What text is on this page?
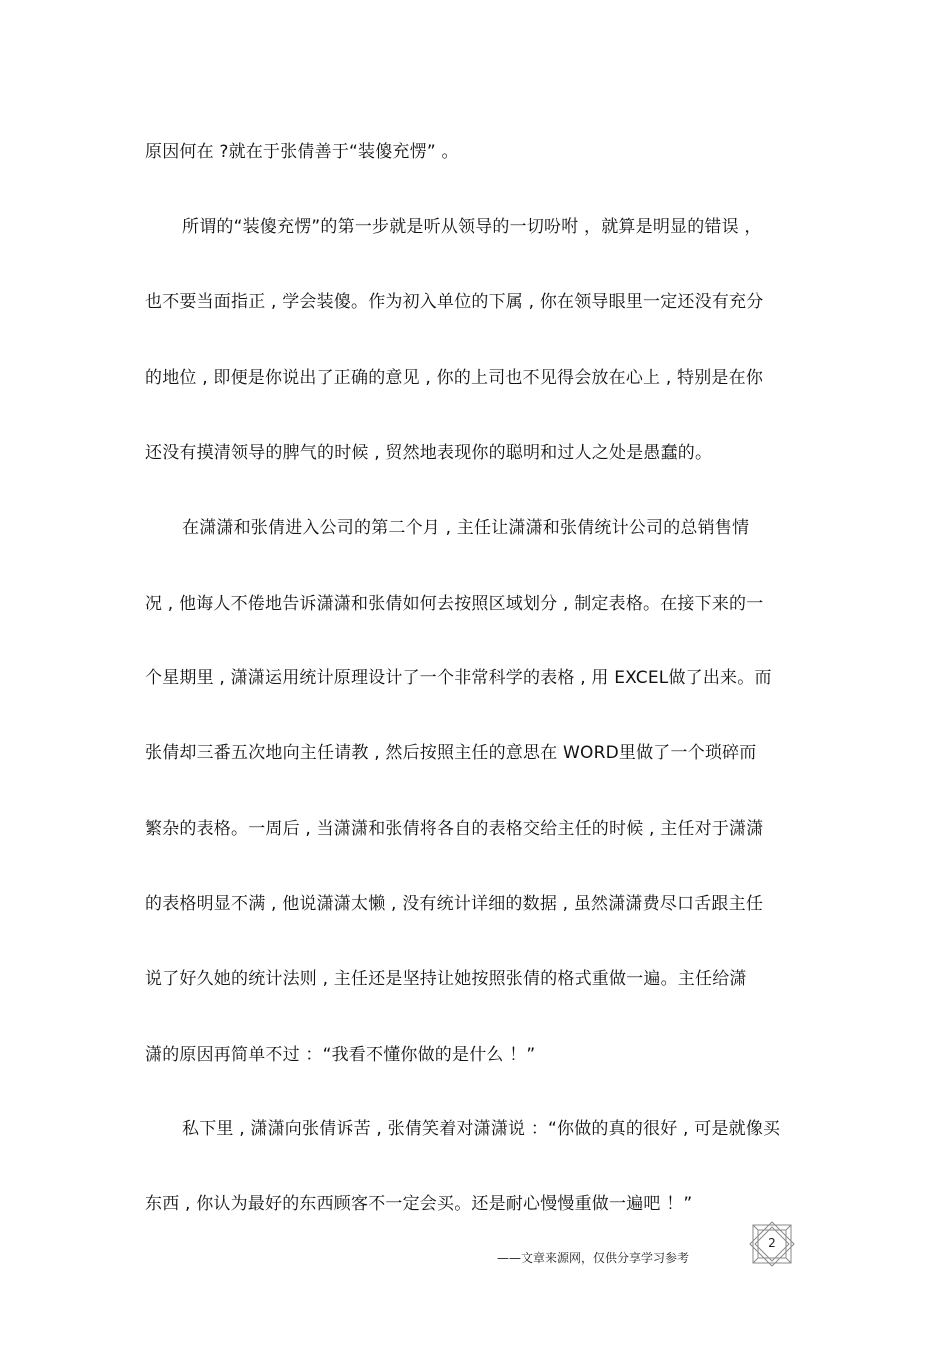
原因何在 ?就在于张倩善于“装傻充愣” 。
所谓的“装傻充愣”的第一步就是听从领导的一切吩咐 ，就算是明显的错误 ，
也不要当面指正 , 学会装傻。作为初入单位的下属 , 你在领导眼里一定还没有充分
的地位 , 即便是你说出了正确的意见 , 你的上司也不见得会放在心上 , 特别是在你
还没有摸清领导的脾气的时候 , 贸然地表现你的聪明和过人之处是愚蠢的。
在潇潇和张倩进入公司的第二个月 , 主任让潇潇和张倩统计公司的总销售情
况 , 他诲人不倦地告诉潇潇和张倩如何去按照区域划分 , 制定表格。在接下来的一
个星期里 , 潇潇运用统计原理设计了一个非常科学的表格 , 用 EXCEL做了出来。而
张倩却三番五次地向主任请教 , 然后按照主任的意思在 WORD里做了一个琐碎而
繁杂的表格。一周后 , 当潇潇和张倩将各自的表格交给主任的时候 , 主任对于潇潇
的表格明显不满 , 他说潇潇太懒 , 没有统计详细的数据 , 虽然潇潇费尽口舌跟主任
说了好久她的统计法则 , 主任还是坚持让她按照张倩的格式重做一遍。主任给潇
潇的原因再简单不过 ：“我看不懂你做的是什么 ！”
私下里 , 潇潇向张倩诉苦 , 张倩笑着对潇潇说 ：“你做的真的很好 , 可是就像买
东西 , 你认为最好的东西顾客不一定会买。还是耐心慢慢重做一遍吧 ！”
——文章来源网，仅供分享学习参考
2
